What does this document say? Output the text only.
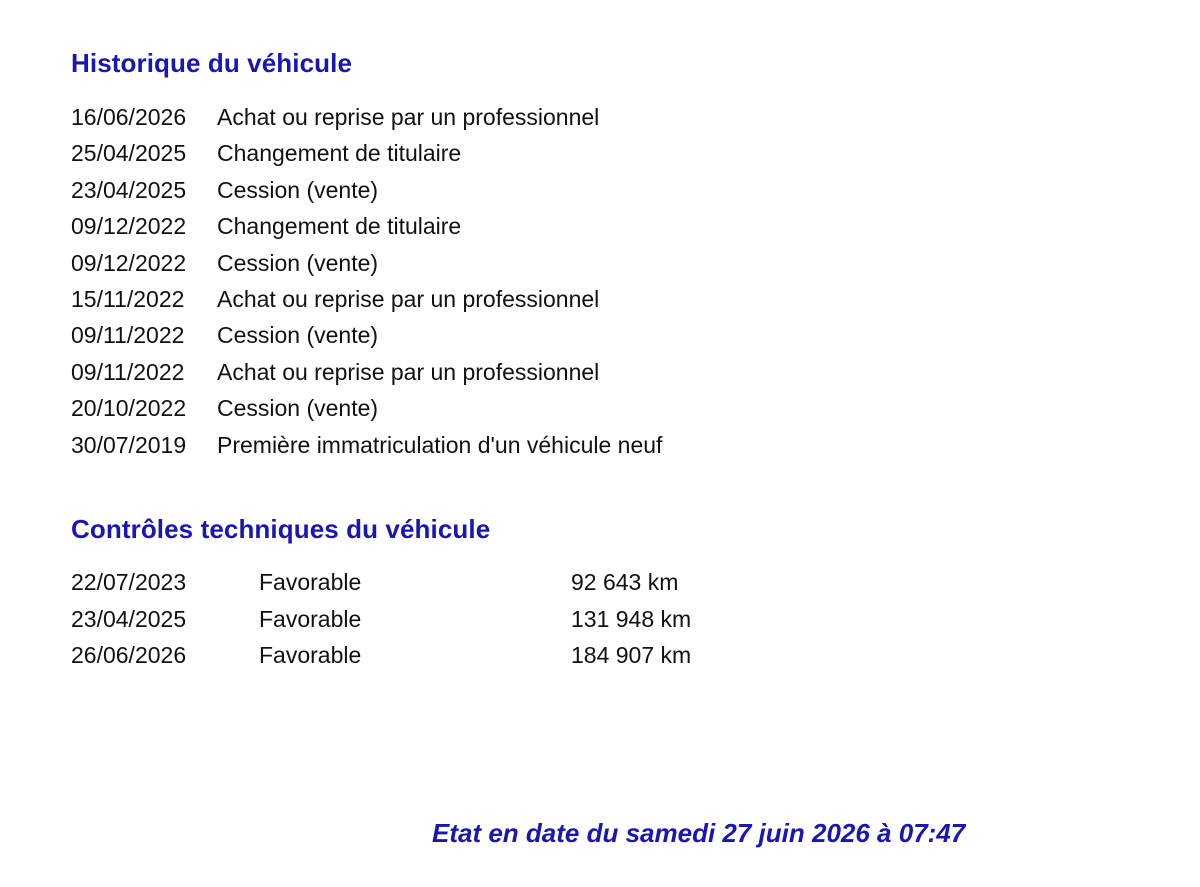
Historique du véhicule
16/06/2026 Achat ou reprise par un professionnel
25/04/2025 Changement de titulaire
23/04/2025 Cession (vente)
09/12/2022 Changement de titulaire
09/12/2022 Cession (vente)
15/11/2022 Achat ou reprise par un professionnel
09/11/2022 Cession (vente)
09/11/2022 Achat ou reprise par un professionnel
20/10/2022 Cession (vente)
30/07/2019 Première immatriculation d'un véhicule neuf
Contrôles techniques du véhicule
22/07/2023	Favorable	92 643 km
23/04/2025	Favorable	131 948 km
26/06/2026	Favorable	184 907 km
Etat en date du samedi 27 juin 2026 à 07:47
